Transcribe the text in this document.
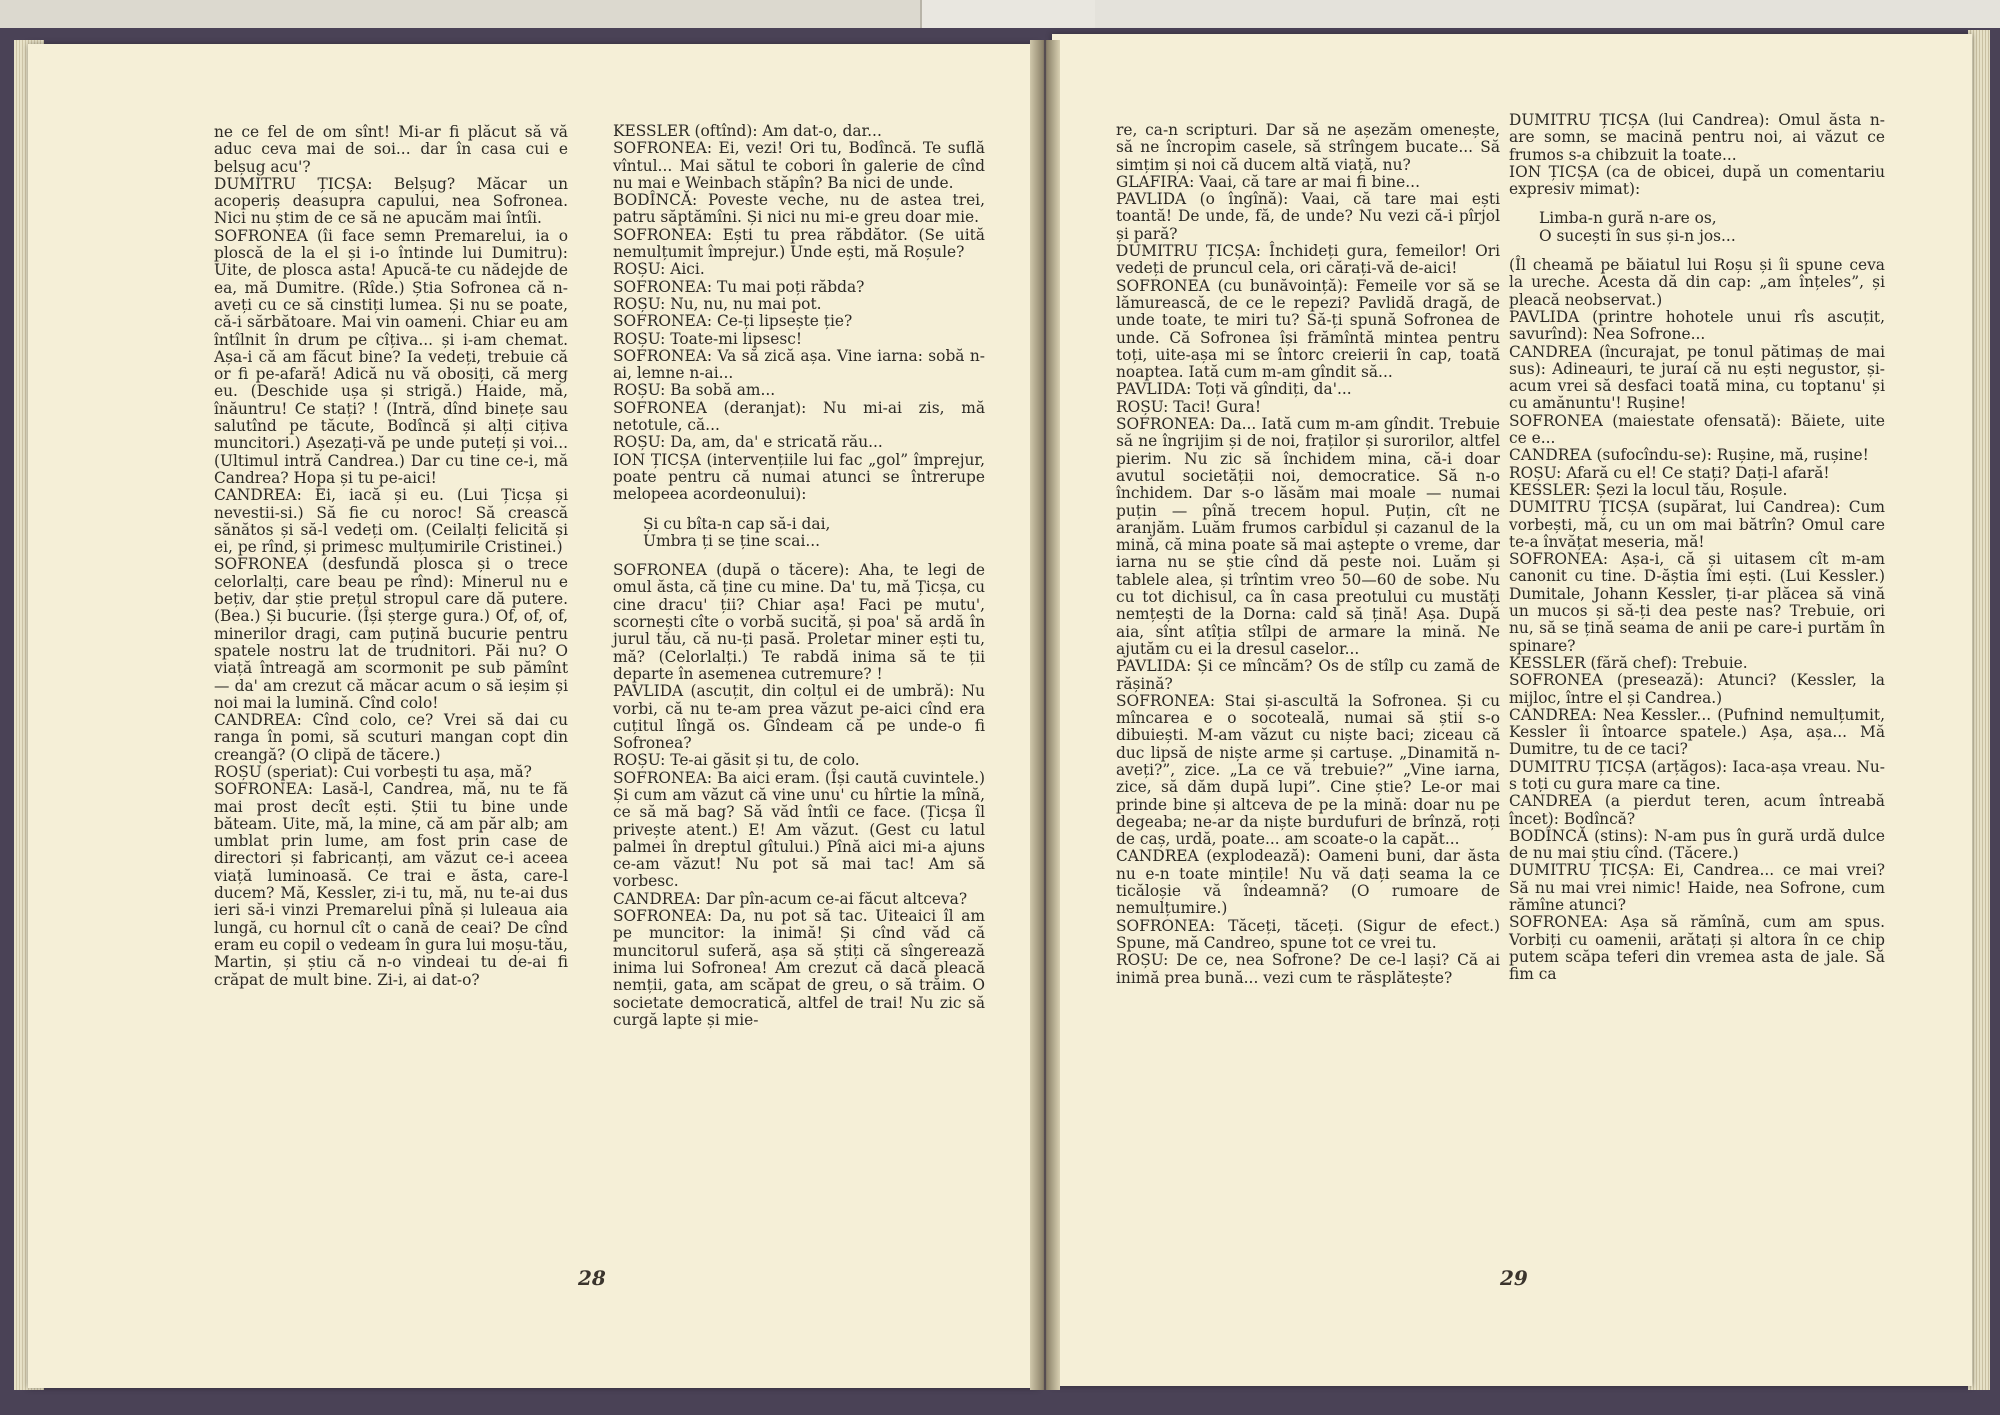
ne ce fel de om sînt! Mi-ar fi plăcut să vă aduc ceva mai de soi... dar în casa cui e belșug acu'?

DUMITRU ȚICȘA: Belșug? Măcar un acoperiș deasupra capului, nea Sofronea. Nici nu știm de ce să ne apucăm mai întîi.

SOFRONEA (îi face semn Premarelui, ia o ploscă de la el și i-o întinde lui Dumitru): Uite, de plosca asta! Apucă-te cu nădejde de ea, mă Dumitre. (Rîde.) Știa Sofronea că n-aveți cu ce să cinstiți lumea. Și nu se poate, că-i sărbătoare. Mai vin oameni. Chiar eu am întîlnit în drum pe cîțiva... și i-am chemat. Așa-i că am făcut bine? Ia vedeți, trebuie că or fi pe-afară! Adică nu vă obosiți, că merg eu. (Deschide ușa și strigă.) Haide, mă, înăuntru! Ce stați? ! (Intră, dînd binețe sau salutînd pe tăcute, Bodîncă și alți cițiva muncitori.) Așezați-vă pe unde puteți și voi... (Ultimul intră Candrea.) Dar cu tine ce-i, mă Candrea? Hopa și tu pe-aici!

CANDREA: Ei, iacă și eu. (Lui Țicșa și nevestii-si.) Să fie cu noroc! Să crească sănătos și să-l vedeți om. (Ceilalți felicită și ei, pe rînd, și primesc mulțumirile Cristinei.)

SOFRONEA (desfundă plosca și o trece celorlalți, care beau pe rînd): Minerul nu e bețiv, dar știe prețul stropul care dă putere. (Bea.) Și bucurie. (Își șterge gura.) Of, of, of, minerilor dragi, cam puțină bucurie pentru spatele nostru lat de trudnitori. Păi nu? O viață întreagă am scormonit pe sub pămînt — da' am crezut că măcar acum o să ieșim și noi mai la lumină. Cînd colo!

CANDREA: Cînd colo, ce? Vrei să dai cu ranga în pomi, să scuturi mangan copt din creangă? (O clipă de tăcere.)

ROȘU (speriat): Cui vorbești tu așa, mă?

SOFRONEA: Lasă-l, Candrea, mă, nu te fă mai prost decît ești. Știi tu bine unde băteam. Uite, mă, la mine, că am păr alb; am umblat prin lume, am fost prin case de directori și fabricanți, am văzut ce-i aceea viață luminoasă. Ce trai e ăsta, care-l ducem? Mă, Kessler, zi-i tu, mă, nu te-ai dus ieri să-i vinzi Premarelui pînă și luleaua aia lungă, cu hornul cît o cană de ceai? De cînd eram eu copil o vedeam în gura lui moșu-tău, Martin, și știu că n-o vindeai tu de-ai fi crăpat de mult bine. Zi-i, ai dat-o?

KESSLER (oftînd): Am dat-o, dar...

SOFRONEA: Ei, vezi! Ori tu, Bodîncă. Te suflă vîntul... Mai sătul te cobori în galerie de cînd nu mai e Weinbach stăpîn? Ba nici de unde.

BODÎNCĂ: Poveste veche, nu de astea trei, patru săptămîni. Și nici nu mi-e greu doar mie.

SOFRONEA: Ești tu prea răbdător. (Se uită nemulțumit împrejur.) Unde ești, mă Roșule?

ROȘU: Aici.

SOFRONEA: Tu mai poți răbda?

ROȘU: Nu, nu, nu mai pot.

SOFRONEA: Ce-ți lipsește ție?

ROȘU: Toate-mi lipsesc!

SOFRONEA: Va să zică așa. Vine iarna: sobă n-ai, lemne n-ai...

ROȘU: Ba sobă am...

SOFRONEA (deranjat): Nu mi-ai zis, mă netotule, că...

ROȘU: Da, am, da' e stricată rău...

ION ȚICȘA (intervențiile lui fac „gol” împrejur, poate pentru că numai atunci se întrerupe melopeea acordeonului):

Și cu bîta-n cap să-i dai,
Umbra ți se ține scai...

SOFRONEA (după o tăcere): Aha, te legi de omul ăsta, că ține cu mine. Da' tu, mă Țicșa, cu cine dracu' ții? Chiar așa! Faci pe mutu', scornești cîte o vorbă sucită, și poa' să ardă în jurul tău, că nu-ți pasă. Proletar miner ești tu, mă? (Celorlalți.) Te rabdă inima să te ții departe în asemenea cutremure? !

PAVLIDA (ascuțit, din colțul ei de umbră): Nu vorbi, că nu te-am prea văzut pe-aici cînd era cuțitul lîngă os. Gîndeam că pe unde-o fi Sofronea?

ROȘU: Te-ai găsit și tu, de colo.

SOFRONEA: Ba aici eram. (Își caută cuvintele.) Și cum am văzut că vine unu' cu hîrtie la mînă, ce să mă bag? Să văd întîi ce face. (Țicșa îl privește atent.) E! Am văzut. (Gest cu latul palmei în dreptul gîtului.) Pînă aici mi-a ajuns ce-am văzut! Nu pot să mai tac! Am să vorbesc.

CANDREA: Dar pîn-acum ce-ai făcut altceva?

SOFRONEA: Da, nu pot să tac. Uiteaici îl am pe muncitor: la inimă! Și cînd văd că muncitorul suferă, așa să știți că sîngerează inima lui Sofronea! Am crezut că dacă pleacă nemții, gata, am scăpat de greu, o să trăim. O societate democratică, altfel de trai! Nu zic să curgă lapte și mie-

28

re, ca-n scripturi. Dar să ne așezăm omenește, să ne încropim casele, să strîngem bucate... Să simțim și noi că ducem altă viață, nu?

GLAFIRA: Vaai, că tare ar mai fi bine...

PAVLIDA (o îngînă): Vaai, că tare mai ești toantă! De unde, fă, de unde? Nu vezi că-i pîrjol și pară?

DUMITRU ȚICȘA: Închideți gura, femeilor! Ori vedeți de pruncul cela, ori cărați-vă de-aici!

SOFRONEA (cu bunăvoință): Femeile vor să se lămurească, de ce le repezi? Pavlidă dragă, de unde toate, te miri tu? Să-ți spună Sofronea de unde. Că Sofronea își frămîntă mintea pentru toți, uite-așa mi se întorc creierii în cap, toată noaptea. Iată cum m-am gîndit să...

PAVLIDA: Toți vă gîndiți, da'...

ROȘU: Taci! Gura!

SOFRONEA: Da... Iată cum m-am gîndit. Trebuie să ne îngrijim și de noi, fraților și surorilor, altfel pierim. Nu zic să închidem mina, că-i doar avutul societății noi, democratice. Să n-o închidem. Dar s-o lăsăm mai moale — numai puțin — pînă trecem hopul. Puțin, cît ne aranjăm. Luăm frumos carbidul și cazanul de la mină, că mina poate să mai aștepte o vreme, dar iarna nu se știe cînd dă peste noi. Luăm și tablele alea, și trîntim vreo 50—60 de sobe. Nu cu tot dichisul, ca în casa preotului cu mustăți nemțești de la Dorna: cald să țină! Așa. După aia, sînt atîția stîlpi de armare la mină. Ne ajutăm cu ei la dresul caselor...

PAVLIDA: Și ce mîncăm? Os de stîlp cu zamă de rășină?

SOFRONEA: Stai și-ascultă la Sofronea. Și cu mîncarea e o socoteală, numai să știi s-o dibuiești. M-am văzut cu niște baci; ziceau că duc lipsă de niște arme și cartușe. „Dinamită n-aveți?”, zice. „La ce vă trebuie?” „Vine iarna, zice, să dăm după lupi”. Cine știe? Le-or mai prinde bine și altceva de pe la mină: doar nu pe degeaba; ne-ar da niște burdufuri de brînză, roți de caș, urdă, poate... am scoate-o la capăt...

CANDREA (explodează): Oameni buni, dar ăsta nu e-n toate mințile! Nu vă dați seama la ce ticăloșie vă îndeamnă? (O rumoare de nemulțumire.)

SOFRONEA: Tăceți, tăceți. (Sigur de efect.) Spune, mă Candreo, spune tot ce vrei tu.

ROȘU: De ce, nea Sofrone? De ce-l lași? Că ai inimă prea bună... vezi cum te răsplătește?

DUMITRU ȚICȘA (lui Candrea): Omul ăsta n-are somn, se macină pentru noi, ai văzut ce frumos s-a chibzuit la toate...

ION ȚICȘA (ca de obicei, după un comentariu expresiv mimat):

Limba-n gură n-are os,
O sucești în sus și-n jos...

(Îl cheamă pe băiatul lui Roșu și îi spune ceva la ureche. Acesta dă din cap: „am înțeles”, și pleacă neobservat.)

PAVLIDA (printre hohotele unui rîs ascuțit, savurînd): Nea Sofrone...

CANDREA (încurajat, pe tonul pătimaș de mai sus): Adineauri, te juraí că nu ești negustor, și-acum vrei să desfaci toată mina, cu toptanu' și cu amănuntu'! Rușine!

SOFRONEA (maiestate ofensată): Băiete, uite ce e...

CANDREA (sufocîndu-se): Rușine, mă, rușine!

ROȘU: Afară cu el! Ce stați? Dați-l afară!

KESSLER: Șezi la locul tău, Roșule.

DUMITRU ȚICȘA (supărat, lui Candrea): Cum vorbești, mă, cu un om mai bătrîn? Omul care te-a învățat meseria, mă!

SOFRONEA: Așa-i, că și uitasem cît m-am canonit cu tine. D-ăștia îmi ești. (Lui Kessler.) Dumitale, Johann Kessler, ți-ar plăcea să vină un mucos și să-ți dea peste nas? Trebuie, ori nu, să se țină seama de anii pe care-i purtăm în spinare?

KESSLER (fără chef): Trebuie.

SOFRONEA (presează): Atunci? (Kessler, la mijloc, între el și Candrea.)

CANDREA: Nea Kessler... (Pufnind nemulțumit, Kessler îi întoarce spatele.) Așa, așa... Mă Dumitre, tu de ce taci?

DUMITRU ȚICȘA (arțăgos): Iaca-așa vreau. Nu-s toți cu gura mare ca tine.

CANDREA (a pierdut teren, acum întreabă încet): Bodîncă?

BODÎNCĂ (stins): N-am pus în gură urdă dulce de nu mai știu cînd. (Tăcere.)

DUMITRU ȚICȘA: Ei, Candrea... ce mai vrei? Să nu mai vrei nimic! Haide, nea Sofrone, cum rămîne atunci?

SOFRONEA: Așa să rămînă, cum am spus. Vorbiți cu oamenii, arătați și altora în ce chip putem scăpa teferi din vremea asta de jale. Să fim ca

29
